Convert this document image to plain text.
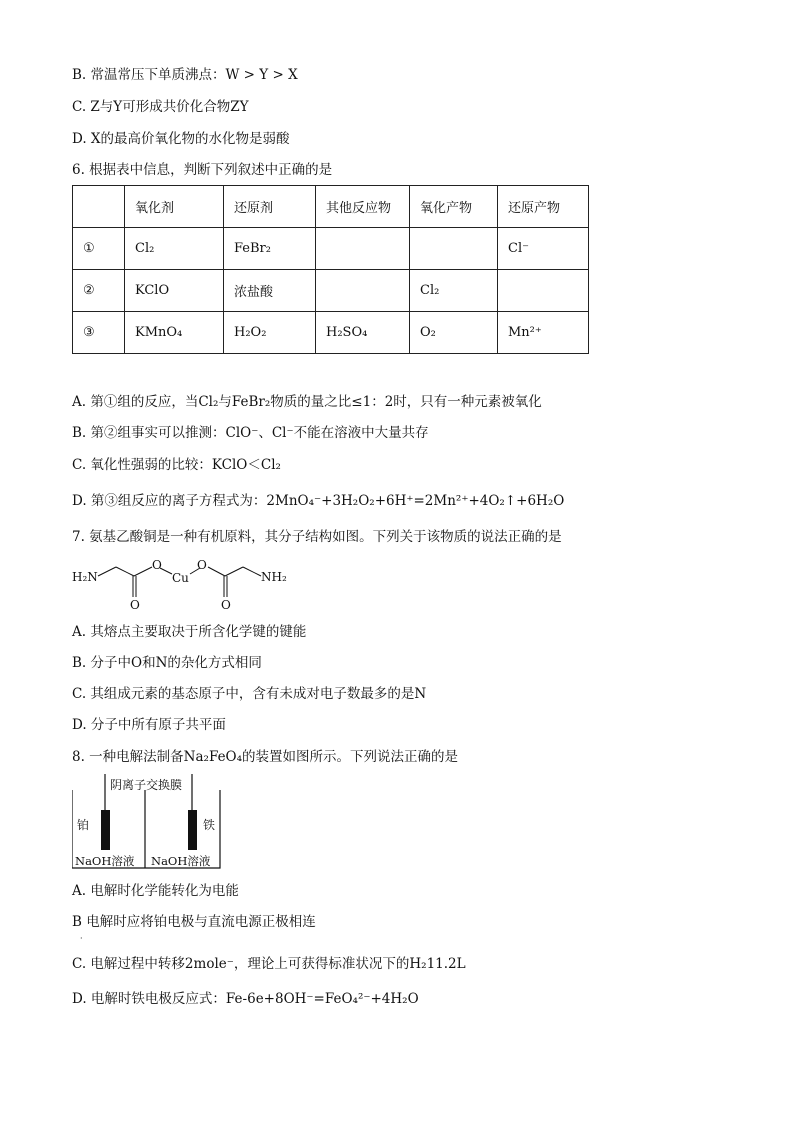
B. 常温常压下单质沸点：W > Y > X
C. Z与Y可形成共价化合物ZY
D. X的最高价氧化物的水化物是弱酸
6. 根据表中信息，判断下列叙述中正确的是
	氧化剂	还原剂	其他反应物	氧化产物	还原产物
①	Cl₂	FeBr₂			Cl⁻
②	KClO	浓盐酸		Cl₂	
③	KMnO₄	H₂O₂	H₂SO₄	O₂	Mn²⁺
A. 第①组的反应，当Cl₂与FeBr₂物质的量之比≤1：2时，只有一种元素被氧化
B. 第②组事实可以推测：ClO⁻、Cl⁻不能在溶液中大量共存
C. 氧化性强弱的比较：KClO＜Cl₂
D. 第③组反应的离子方程式为：2MnO₄⁻+3H₂O₂+6H⁺=2Mn²⁺+4O₂↑+6H₂O
7. 氨基乙酸铜是一种有机原料，其分子结构如图。下列关于该物质的说法正确的是
H₂N
O
Cu
O
O	O
NH₂
A. 其熔点主要取决于所含化学键的键能
B. 分子中O和N的杂化方式相同
C. 其组成元素的基态原子中，含有未成对电子数最多的是N
D. 分子中所有原子共平面
8. 一种电解法制备Na₂FeO₄的装置如图所示。下列说法正确的是
阴离子交换膜
铂	铁
NaOH溶液 NaOH溶液
A. 电解时化学能转化为电能
B 电解时应将铂电极与直流电源正极相连
·
C. 电解过程中转移2mole⁻，理论上可获得标准状况下的H₂11.2L
D. 电解时铁电极反应式：Fe-6e+8OH⁻=FeO₄²⁻+4H₂O
